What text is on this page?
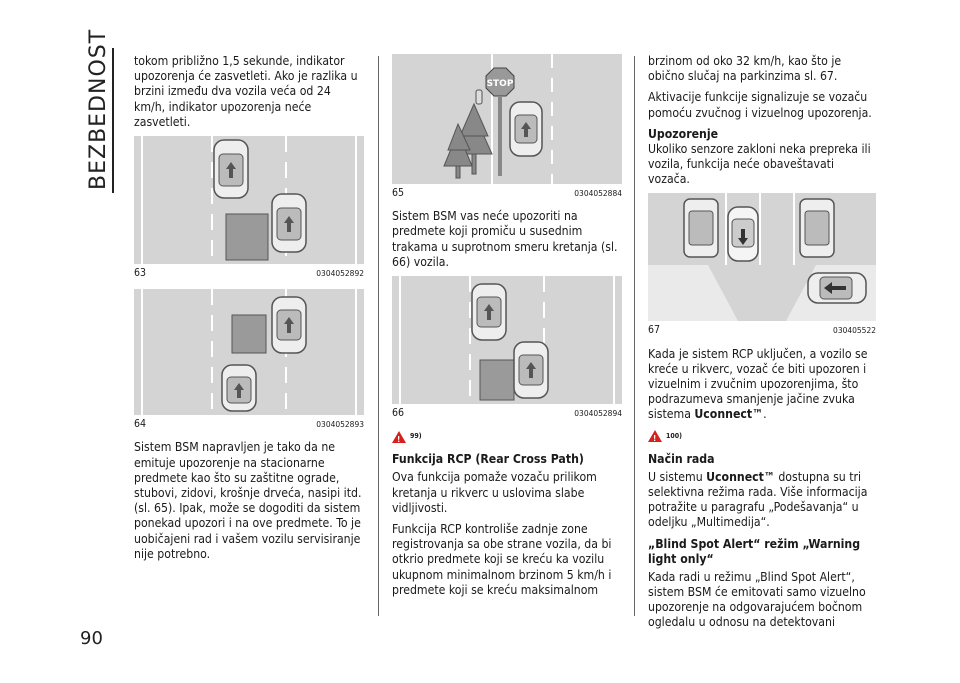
BEZBEDNOST
90

tokom približno 1,5 sekunde, indikator upozorenja će zasvetleti. Ako je razlika u brzini između dva vozila veća od 24 km/h, indikator upozorenja neće zasvetleti.

63	0304052892
64	0304052893

Sistem BSM napravljen je tako da ne emituje upozorenje na stacionarne predmete kao što su zaštitne ograde, stubovi, zidovi, krošnje drveća, nasipi itd. (sl. 65). Ipak, može se dogoditi da sistem ponekad upozori i na ove predmete. To je uobičajeni rad i vašem vozilu servisiranje nije potrebno.

STOP
65	0304052884

Sistem BSM vas neće upozoriti na predmete koji promiču u susednim trakama u suprotnom smeru kretanja (sl. 66) vozila.

66	0304052894
!
99)
Funkcija RCP (Rear Cross Path)

Ova funkcija pomaže vozaču prilikom kretanja u rikverc u uslovima slabe vidljivosti.

Funkcija RCP kontroliše zadnje zone registrovanja sa obe strane vozila, da bi otkrio predmete koji se kreću ka vozilu ukupnom minimalnom brzinom 5 km/h i predmete koji se kreću maksimalnom

brzinom od oko 32 km/h, kao što je obično slučaj na parkinzima sl. 67.

Aktivacije funkcije signalizuje se vozaču pomoću zvučnog i vizuelnog upozorenja.

Upozorenje

Ukoliko senzore zakloni neka prepreka ili vozila, funkcija neće obaveštavati vozača.

67	030405522

Kada je sistem RCP uključen, a vozilo se kreće u rikverc, vozač će biti upozoren i vizuelnim i zvučnim upozorenjima, što podrazumeva smanjenje jačine zvuka sistema Uconnect™.

!
100)
Način rada

U sistemu Uconnect™ dostupna su tri selektivna režima rada. Više informacija potražite u paragrafu „Podešavanja“ u odeljku „Multimedija“.

„Blind Spot Alert“ režim „Warning light only“

Kada radi u režimu „Blind Spot Alert“, sistem BSM će emitovati samo vizuelno upozorenje na odgovarajućem bočnom ogledalu u odnosu na detektovani
